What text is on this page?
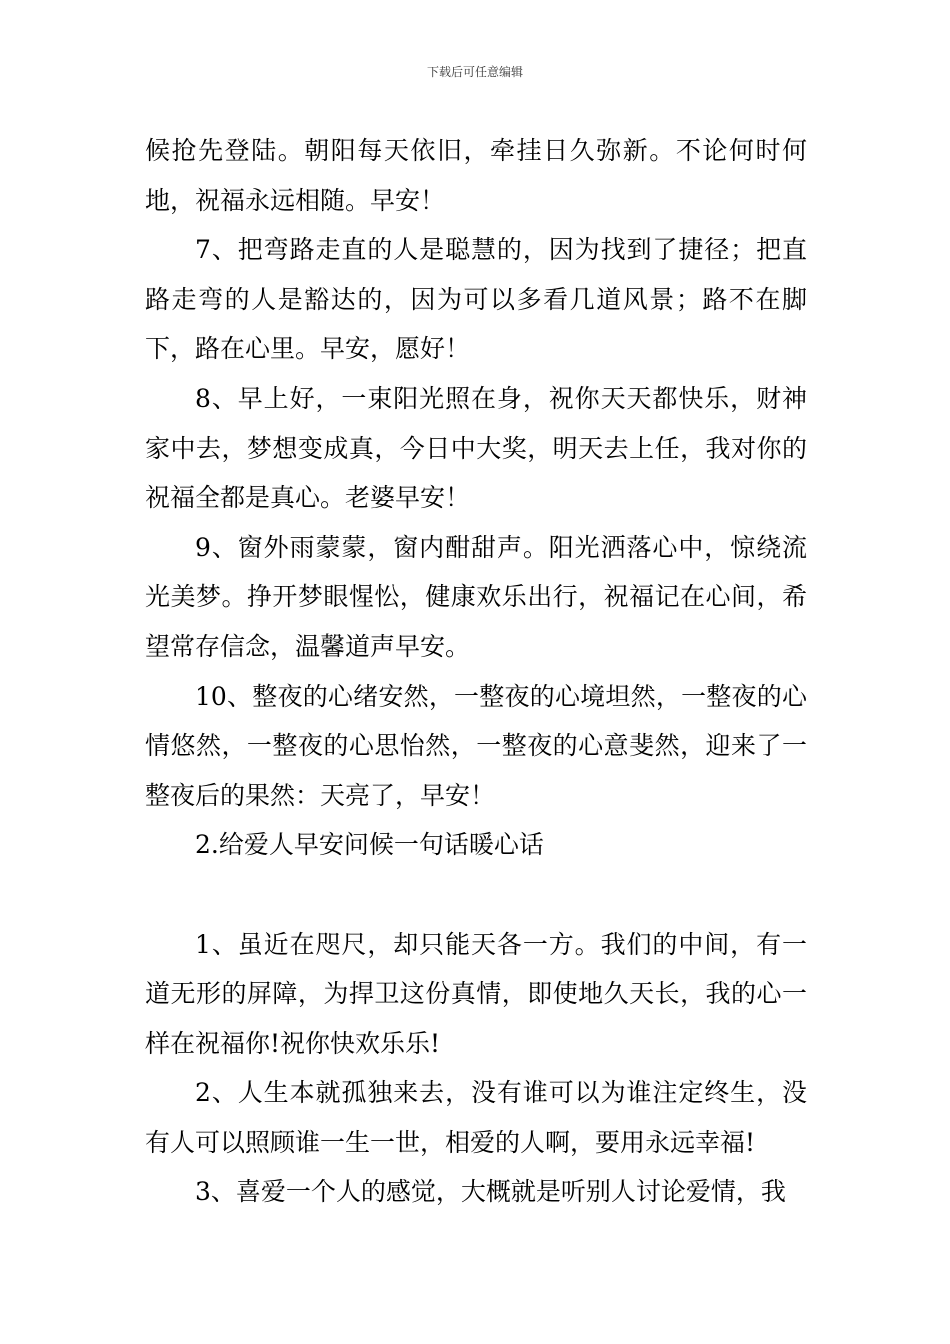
下载后可任意编辑

候抢先登陆。朝阳每天依旧，牵挂日久弥新。不论何时何地，祝福永远相随。早安！

7、把弯路走直的人是聪慧的，因为找到了捷径；把直路走弯的人是豁达的，因为可以多看几道风景；路不在脚下，路在心里。早安，愿好！

8、早上好，一束阳光照在身，祝你天天都快乐，财神家中去，梦想变成真，今日中大奖，明天去上任，我对你的祝福全都是真心。老婆早安！

9、窗外雨蒙蒙，窗内酣甜声。阳光洒落心中，惊绕流光美梦。挣开梦眼惺忪，健康欢乐出行，祝福记在心间，希望常存信念，温馨道声早安。

10、整夜的心绪安然，一整夜的心境坦然，一整夜的心情悠然，一整夜的心思怡然，一整夜的心意斐然，迎来了一整夜后的果然：天亮了，早安！

2.给爱人早安问候一句话暖心话

1、虽近在咫尺，却只能天各一方。我们的中间，有一道无形的屏障，为捍卫这份真情，即使地久天长，我的心一样在祝福你!祝你快欢乐乐!

2、人生本就孤独来去，没有谁可以为谁注定终生，没有人可以照顾谁一生一世，相爱的人啊，要用永远幸福!

3、喜爱一个人的感觉，大概就是听别人讨论爱情，我
